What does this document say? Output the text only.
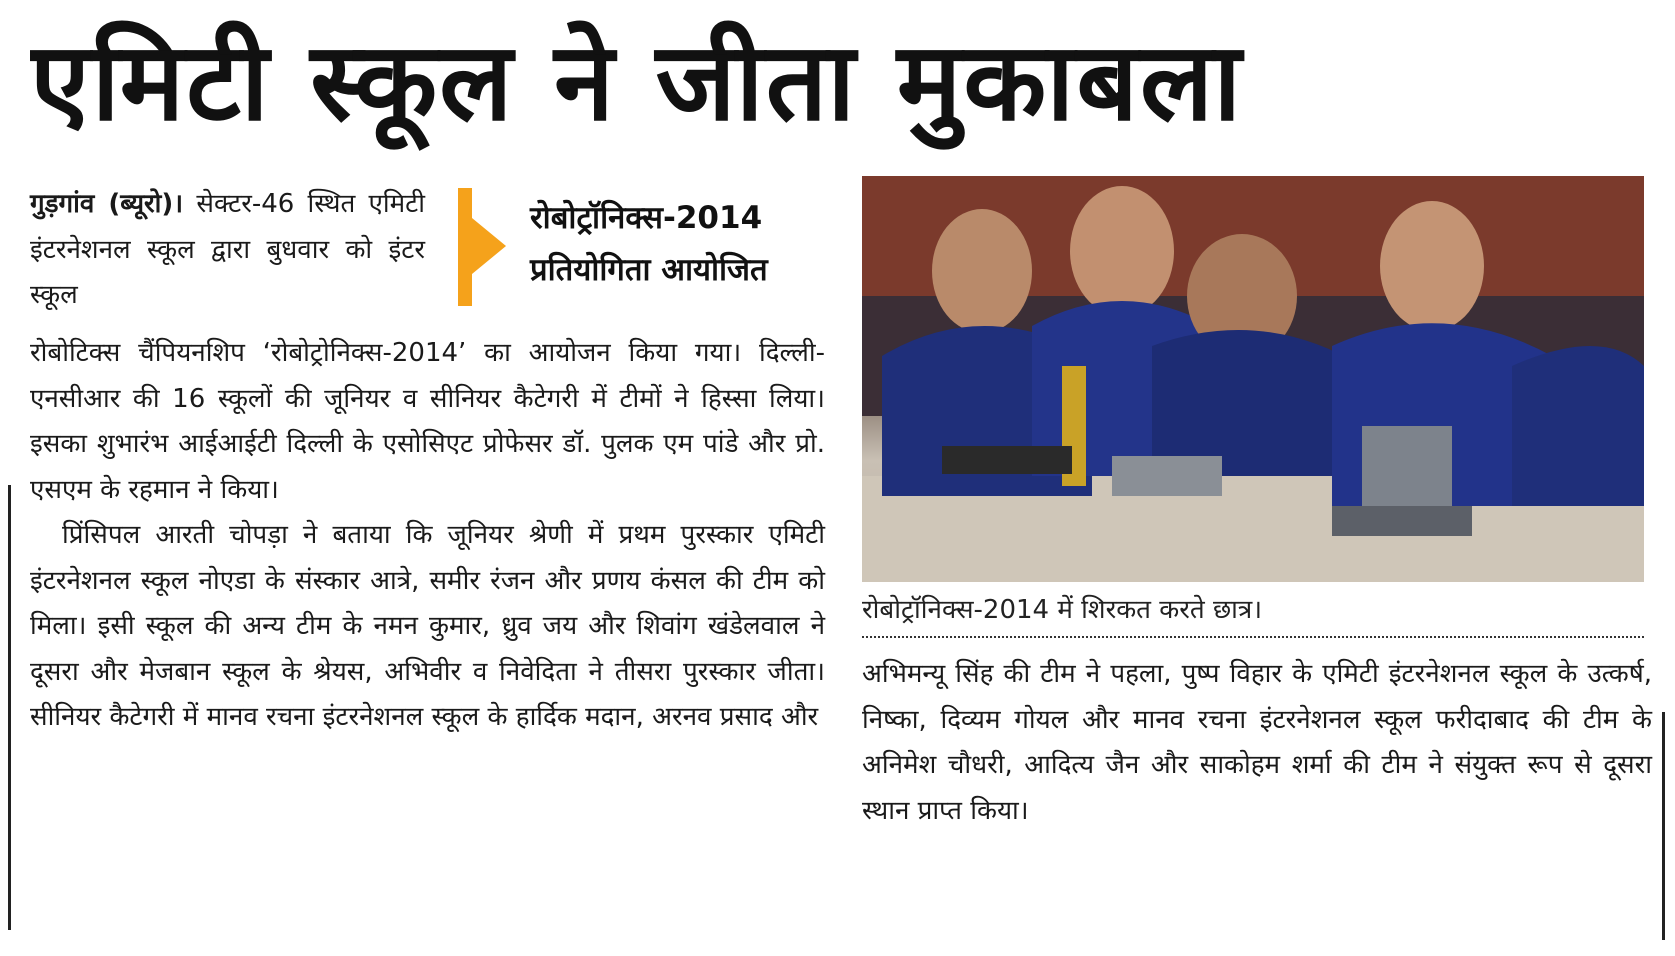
एमिटी स्कूल ने जीता मुकाबला
गुड़गांव (ब्यूरो)। सेक्टर-46 स्थित एमिटी इंटरनेशनल स्कूल द्वारा बुधवार को इंटर स्कूल
रोबोट्रॉनिक्स-2014
प्रतियोगिता आयोजित

रोबोटिक्स चैंपियनशिप ‘रोबोट्रोनिक्स-2014’ का आयोजन किया गया। दिल्ली-एनसीआर की 16 स्कूलों की जूनियर व सीनियर कैटेगरी में टीमों ने हिस्सा लिया। इसका शुभारंभ आईआईटी दिल्ली के एसोसिएट प्रोफेसर डॉ. पुलक एम पांडे और प्रो. एसएम के रहमान ने किया।

प्रिंसिपल आरती चोपड़ा ने बताया कि जूनियर श्रेणी में प्रथम पुरस्कार एमिटी इंटरनेशनल स्कूल नोएडा के संस्कार आत्रे, समीर रंजन और प्रणय कंसल की टीम को मिला। इसी स्कूल की अन्य टीम के नमन कुमार, ध्रुव जय और शिवांग खंडेलवाल ने दूसरा और मेजबान स्कूल के श्रेयस, अभिवीर व निवेदिता ने तीसरा पुरस्कार जीता। सीनियर कैटेगरी में मानव रचना इंटरनेशनल स्कूल के हार्दिक मदान, अरनव प्रसाद और

रोबोट्रॉनिक्स-2014 में शिरकत करते छात्र।

अभिमन्यू सिंह की टीम ने पहला, पुष्प विहार के एमिटी इंटरनेशनल स्कूल के उत्कर्ष, निष्का, दिव्यम गोयल और मानव रचना इंटरनेशनल स्कूल फरीदाबाद की टीम के अनिमेश चौधरी, आदित्य जैन और साकोहम शर्मा की टीम ने संयुक्त रूप से दूसरा स्थान प्राप्त किया।
